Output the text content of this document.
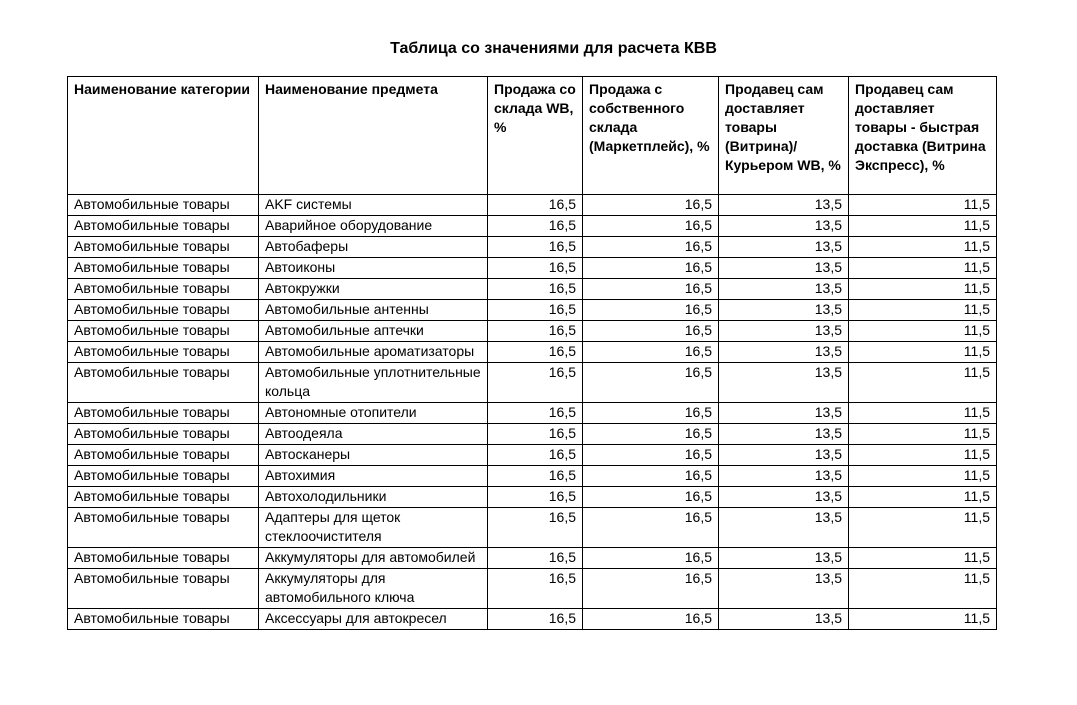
Таблица со значениями для расчета КВВ
Наименование категории	Наименование предмета	Продажа со склада WB, %	Продажа с собственного склада (Маркетплейс), %	Продавец сам доставляет товары (Витрина)/ Курьером WB, %	Продавец сам доставляет товары - быстрая доставка (Витрина Экспресс), %
Автомобильные товары	AKF системы	16,5	16,5	13,5	11,5
Автомобильные товары	Аварийное оборудование	16,5	16,5	13,5	11,5
Автомобильные товары	Автобаферы	16,5	16,5	13,5	11,5
Автомобильные товары	Автоиконы	16,5	16,5	13,5	11,5
Автомобильные товары	Автокружки	16,5	16,5	13,5	11,5
Автомобильные товары	Автомобильные антенны	16,5	16,5	13,5	11,5
Автомобильные товары	Автомобильные аптечки	16,5	16,5	13,5	11,5
Автомобильные товары	Автомобильные ароматизаторы	16,5	16,5	13,5	11,5
Автомобильные товары	Автомобильные уплотнительные кольца	16,5	16,5	13,5	11,5
Автомобильные товары	Автономные отопители	16,5	16,5	13,5	11,5
Автомобильные товары	Автоодеяла	16,5	16,5	13,5	11,5
Автомобильные товары	Автосканеры	16,5	16,5	13,5	11,5
Автомобильные товары	Автохимия	16,5	16,5	13,5	11,5
Автомобильные товары	Автохолодильники	16,5	16,5	13,5	11,5
Автомобильные товары	Адаптеры для щеток стеклоочистителя	16,5	16,5	13,5	11,5
Автомобильные товары	Аккумуляторы для автомобилей	16,5	16,5	13,5	11,5
Автомобильные товары	Аккумуляторы для автомобильного ключа	16,5	16,5	13,5	11,5
Автомобильные товары	Аксессуары для автокресел	16,5	16,5	13,5	11,5
